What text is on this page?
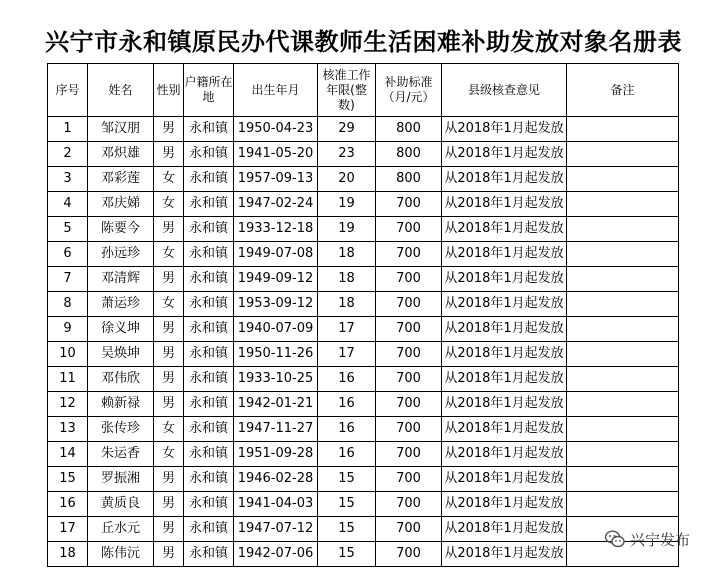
兴宁市永和镇原民办代课教师生活困难补助发放对象名册表
序号	姓名	性别	户籍所在地	出生年月	核准工作年限(整数)	补助标准（月/元）	县级核查意见	备注
1	邹汉朋	男	永和镇	1950-04-23	29	800	从2018年1月起发放	
2	邓炽雄	男	永和镇	1941-05-20	23	800	从2018年1月起发放	
3	邓彩莲	女	永和镇	1957-09-13	20	800	从2018年1月起发放	
4	邓庆娣	女	永和镇	1947-02-24	19	700	从2018年1月起发放	
5	陈要今	男	永和镇	1933-12-18	19	700	从2018年1月起发放	
6	孙远珍	女	永和镇	1949-07-08	18	700	从2018年1月起发放	
7	邓清辉	男	永和镇	1949-09-12	18	700	从2018年1月起发放	
8	萧运珍	女	永和镇	1953-09-12	18	700	从2018年1月起发放	
9	徐义坤	男	永和镇	1940-07-09	17	700	从2018年1月起发放	
10	吴焕坤	男	永和镇	1950-11-26	17	700	从2018年1月起发放	
11	邓伟欣	男	永和镇	1933-10-25	16	700	从2018年1月起发放	
12	赖新禄	男	永和镇	1942-01-21	16	700	从2018年1月起发放	
13	张传珍	女	永和镇	1947-11-27	16	700	从2018年1月起发放	
14	朱运香	女	永和镇	1951-09-28	16	700	从2018年1月起发放	
15	罗振湘	男	永和镇	1946-02-28	15	700	从2018年1月起发放	
16	黄质良	男	永和镇	1941-04-03	15	700	从2018年1月起发放	
17	丘水元	男	永和镇	1947-07-12	15	700	从2018年1月起发放	
18	陈伟沅	男	永和镇	1942-07-06	15	700	从2018年1月起发放	
兴宁发布
